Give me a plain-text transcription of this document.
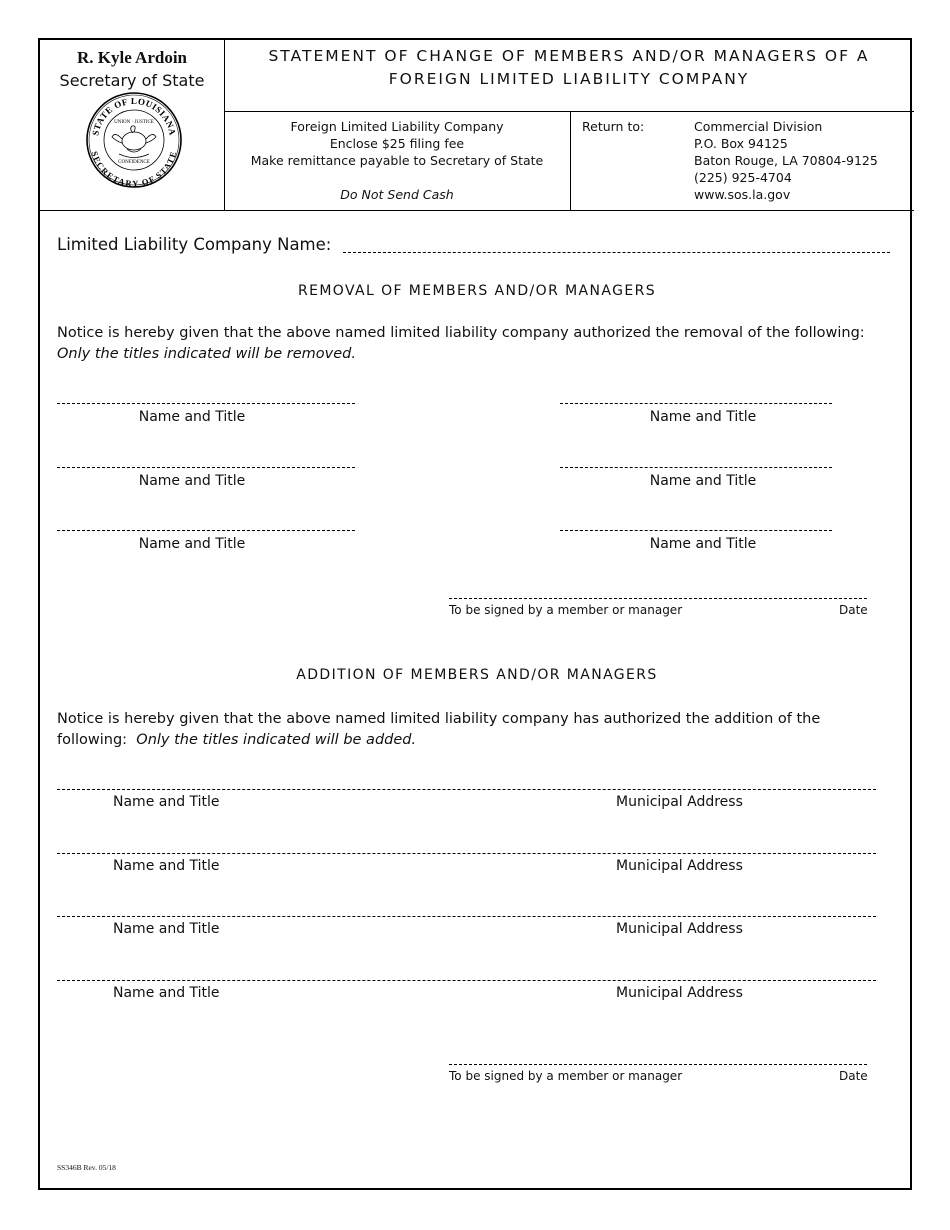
R. Kyle Ardoin
Secretary of State
STATE OF LOUISIANA
SECRETARY OF STATE
UNION · JUSTICE
CONFIDENCE
STATEMENT OF CHANGE OF MEMBERS AND/OR MANAGERS OF A
FOREIGN LIMITED LIABILITY COMPANY
Foreign Limited Liability Company
Enclose $25 filing fee
Make remittance payable to Secretary of State
Do Not Send Cash
Return to:	Commercial Division
P.O. Box 94125
Baton Rouge, LA 70804-9125
(225) 925-4704
www.sos.la.gov
Limited Liability Company Name:
REMOVAL OF MEMBERS AND/OR MANAGERS
Notice is hereby given that the above named limited liability company authorized the removal of the following:  Only the titles indicated will be removed.
Name and Title	Name and Title
Name and Title	Name and Title
Name and Title	Name and Title
To be signed by a member or manager	Date
ADDITION OF MEMBERS AND/OR MANAGERS
Notice is hereby given that the above named limited liability company has authorized the addition of the following: Only the titles indicated will be added.
Name and Title	Municipal Address
Name and Title	Municipal Address
Name and Title	Municipal Address
Name and Title	Municipal Address
To be signed by a member or manager	Date
SS346B Rev. 05/18
